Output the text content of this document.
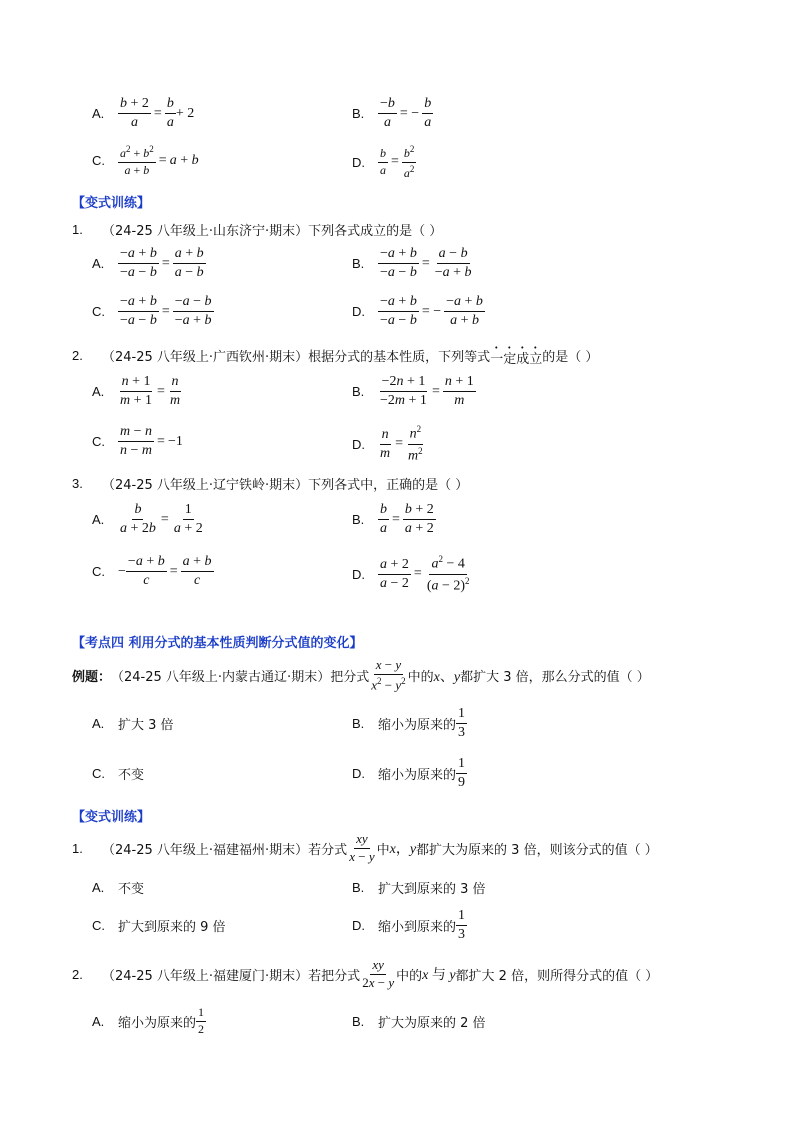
A. $\frac{b + 2}{a} = \frac{b}{a} + 2$	B. $\frac{-b}{a}$ = − $\frac{b}{a}$
C.	$\frac{a^2 + b^2}{a + b} = a + b$	D.	$\frac{b}{a} = \frac{b^2}{a^2}$
【变式训练】
1.	（24-25 八年级上·山东济宁·期末）下列各式成立的是（ ）
A. $\frac{-a + b}{-a - b} = \frac{a + b}{a - b}$	B. $\frac{-a + b}{-a - b} = \frac{a - b}{-a + b}$
C. $\frac{-a + b}{-a - b} = \frac{-a - b}{-a + b}$	D. $\frac{-a + b}{-a - b}$ = − $\frac{-a + b}{a + b}$
2.	（24-25 八年级上·广西钦州·期末）根据分式的基本性质，下列等式 一定成立 的是（ ）
A. $\frac{n + 1}{m + 1} = \frac{n}{m}$	B. $\frac{-2n + 1}{-2m + 1} = \frac{n + 1}{m}$
C. $\frac{m - n}{n - m} = -1$	D. $\frac{n}{m} = \frac{n^2}{m^2}$
3.	（24-25 八年级上·辽宁铁岭·期末）下列各式中，正确的是（ ）
A. $\frac{b}{a + 2b} = \frac{1}{a + 2}$	B. $\frac{b}{a} = \frac{b + 2}{a + 2}$
C. − $\frac{-a + b}{c} = \frac{a + b}{c}$	D. $\frac{a + 2}{a - 2} = \frac{a^2 - 4}{(a - 2)^2}$
【考点四 利用分式的基本性质判断分式值的变化】
例题： （24-25 八年级上·内蒙古通辽·期末）把分式 $\frac{x - y}{x^2 - y^2}$ 中的 x、y 都扩大 3 倍，那么分式的值（ ）
A.	扩大 3 倍	B.	缩小为原来的 $\frac{1}{3}$
C.	不变	D.	缩小为原来的 $\frac{1}{9}$
【变式训练】
1.	（24-25 八年级上·福建福州·期末）若分式 $\frac{xy}{x - y}$ 中 x，y 都扩大为原来的 3 倍，则该分式的值（ ）
A.	不变	B.	扩大到原来的 3 倍
C.	扩大到原来的 9 倍	D.	缩小到原来的 $\frac{1}{3}$
2.	（24-25 八年级上·福建厦门·期末）若把分式 $\frac{xy}{2x - y}$ 中的 x 与 y 都扩大 2 倍，则所得分式的值（ ）
A.	缩小为原来的 $\frac{1}{2}$	B.	扩大为原来的 2 倍
